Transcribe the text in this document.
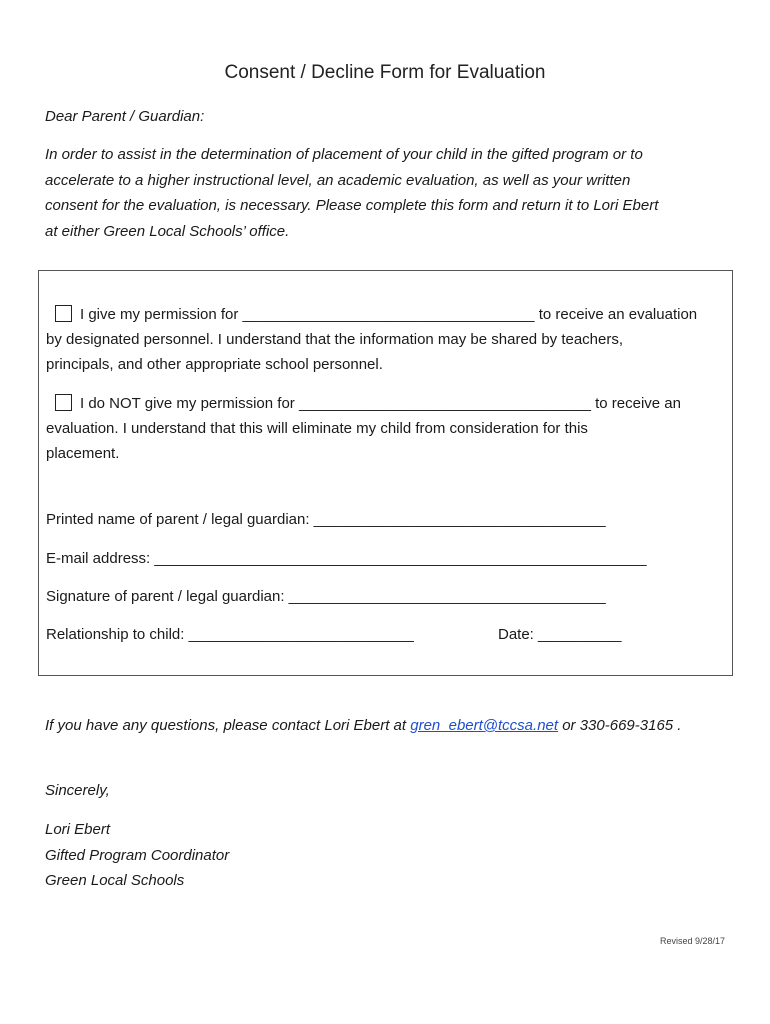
Consent / Decline Form for Evaluation
Dear Parent / Guardian:
In order to assist in the determination of placement of your child in the gifted program or to
accelerate to a higher instructional level, an academic evaluation, as well as your written
consent for the evaluation, is necessary. Please complete this form and return it to Lori Ebert
at either Green Local Schools’ office.
I give my permission for ___________________________________ to receive an evaluation
by designated personnel. I understand that the information may be shared by teachers,
principals, and other appropriate school personnel.
I do NOT give my permission for ___________________________________ to receive an
evaluation. I understand that this will eliminate my child from consideration for this
placement.
Printed name of parent / legal guardian: ___________________________________
E-mail address: ___________________________________________________________
Signature of parent / legal guardian: ______________________________________
Relationship to child: ___________________________	Date: __________
If you have any questions, please contact Lori Ebert at gren_ebert@tccsa.net or 330-669-3165 .
Sincerely,
Lori Ebert
Gifted Program Coordinator
Green Local Schools
Revised 9/28/17
